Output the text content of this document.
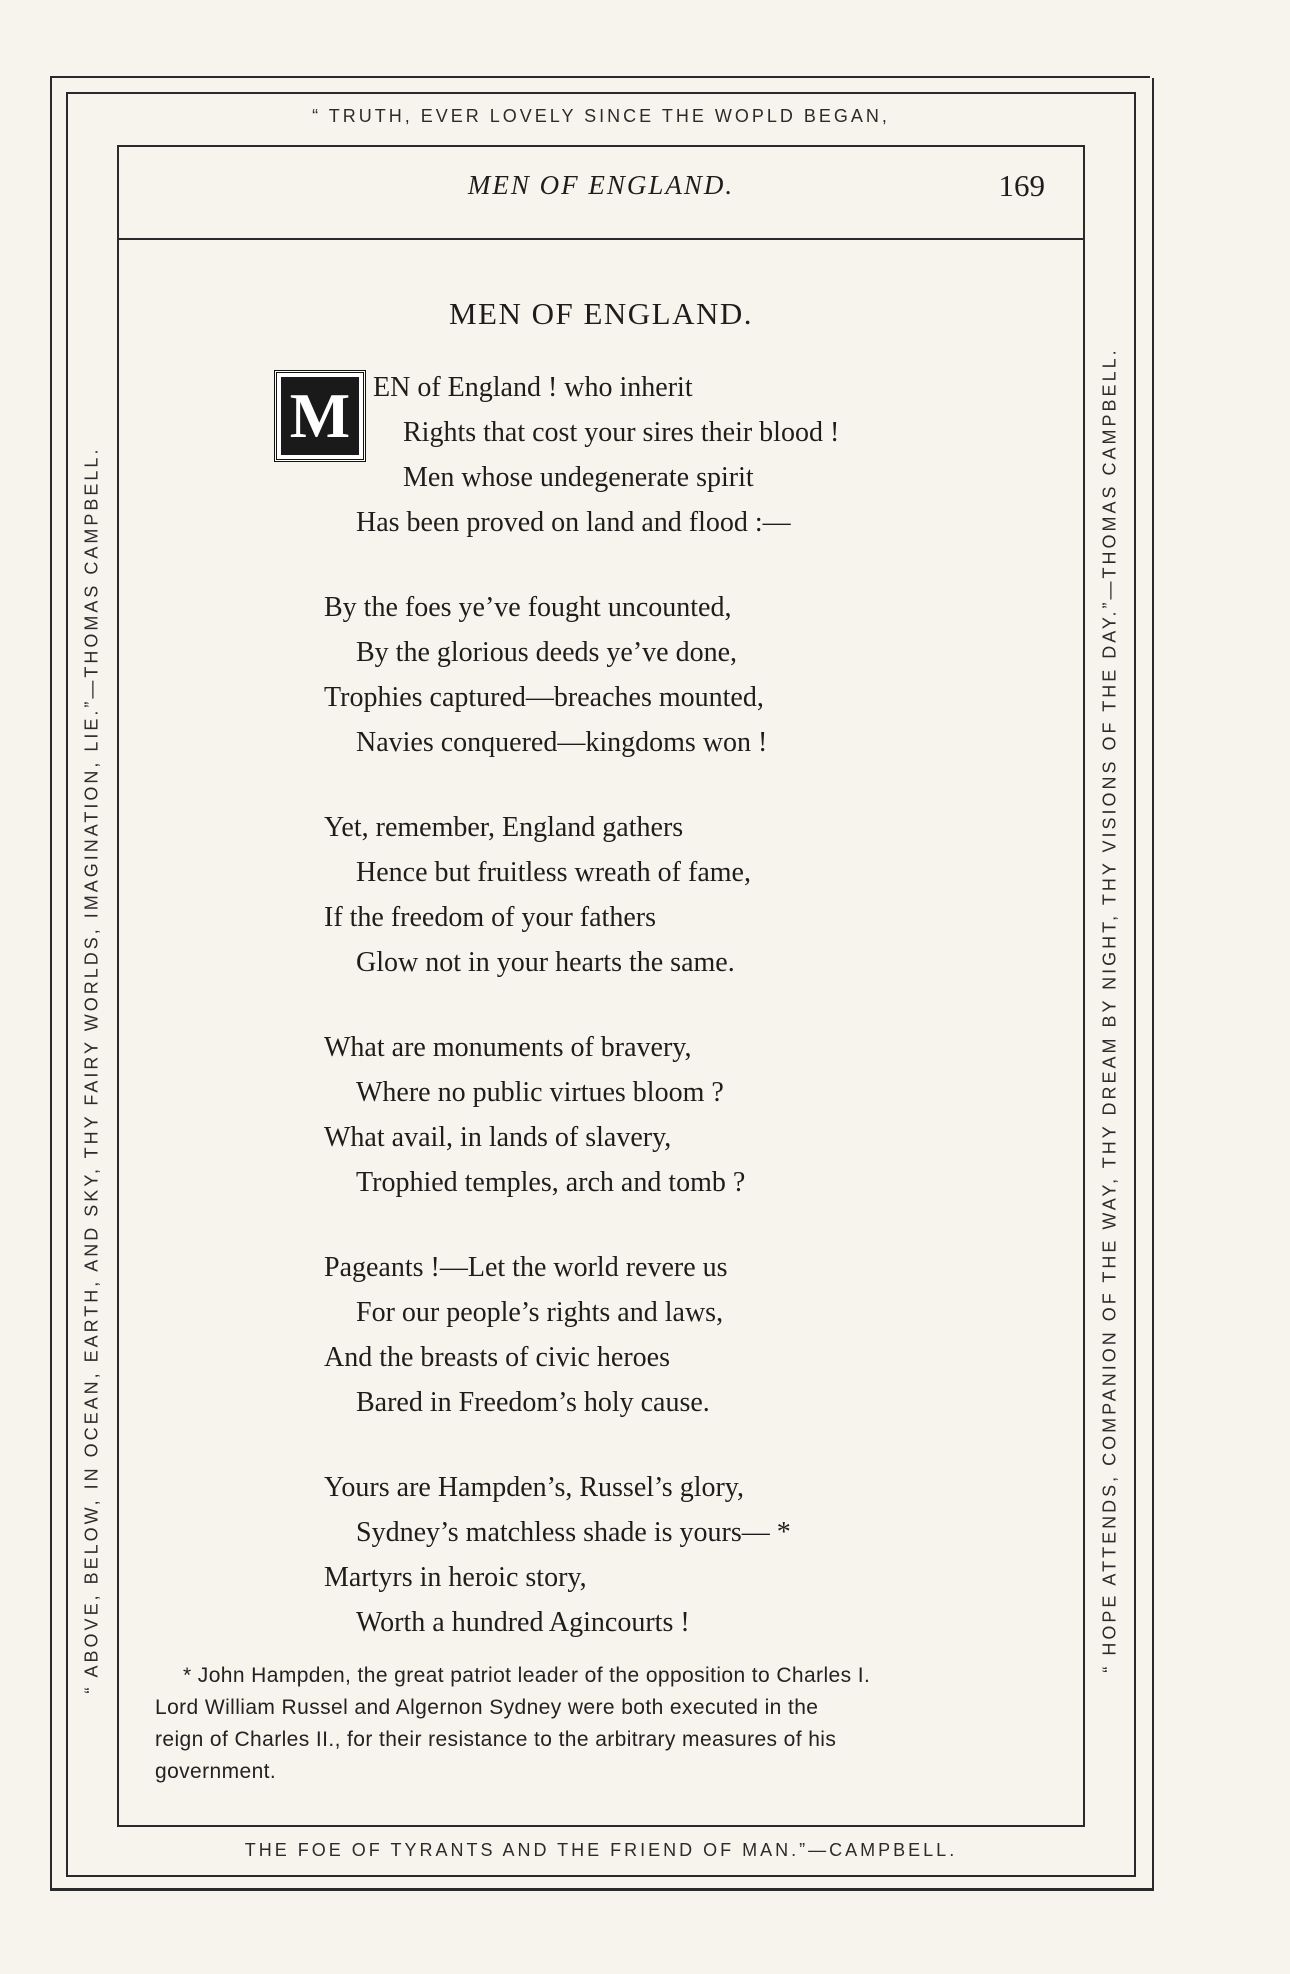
“ TRUTH, EVER LOVELY SINCE THE WOPLD BEGAN,
“ ABOVE, BELOW, IN OCEAN, EARTH, AND SKY, THY FAIRY WORLDS, IMAGINATION, LIE.”—THOMAS CAMPBELL.	“ HOPE ATTENDS, COMPANION OF THE WAY, THY DREAM BY NIGHT, THY VISIONS OF THE DAY.”—THOMAS CAMPBELL.
THE FOE OF TYRANTS AND THE FRIEND OF MAN.”—CAMPBELL.
MEN OF ENGLAND.	169
MEN OF ENGLAND.
M EN of England ! who inherit
Rights that cost your sires their blood !
Men whose undegenerate spirit
Has been proved on land and flood :—
By the foes ye’ve fought uncounted,
By the glorious deeds ye’ve done,
Trophies captured—breaches mounted,
Navies conquered—kingdoms won !
Yet, remember, England gathers
Hence but fruitless wreath of fame,
If the freedom of your fathers
Glow not in your hearts the same.
What are monuments of bravery,
Where no public virtues bloom ?
What avail, in lands of slavery,
Trophied temples, arch and tomb ?
Pageants !—Let the world revere us
For our people’s rights and laws,
And the breasts of civic heroes
Bared in Freedom’s holy cause.
Yours are Hampden’s, Russel’s glory,
Sydney’s matchless shade is yours— *
Martyrs in heroic story,
Worth a hundred Agincourts !
* John Hampden, the great patriot leader of the opposition to Charles I.
Lord William Russel and Algernon Sydney were both executed in the
reign of Charles II., for their resistance to the arbitrary measures of his
government.
